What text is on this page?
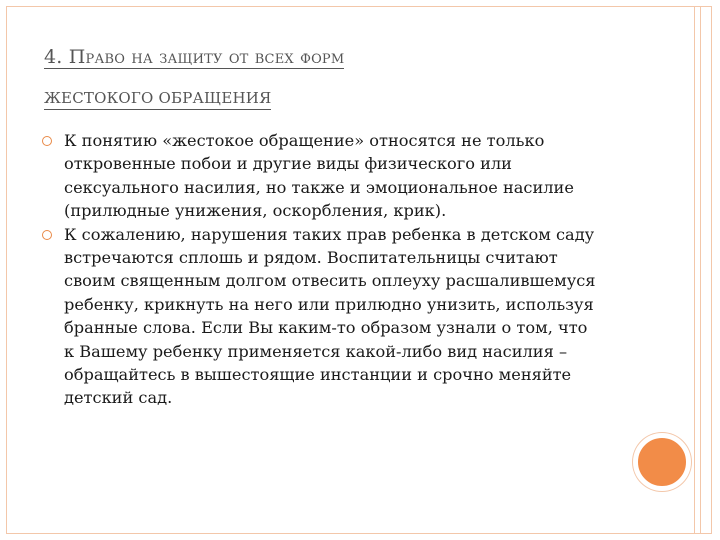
4. Право на защиту от всех форм
ЖЕСТОКОГО ОБРАЩЕНИЯ

К понятию «жестокое обращение» относятся не только откровенные побои и другие виды физического или сексуального насилия, но также и эмоциональное насилие (прилюдные унижения, оскорбления, крик).

К сожалению, нарушения таких прав ребенка в детском саду встречаются сплошь и рядом. Воспитательницы считают своим священным долгом отвесить оплеуху расшалившемуся ребенку, крикнуть на него или прилюдно унизить, используя бранные слова. Если Вы каким-то образом узнали о том, что к Вашему ребенку применяется какой-либо вид насилия – обращайтесь в вышестоящие инстанции и срочно меняйте детский сад.
